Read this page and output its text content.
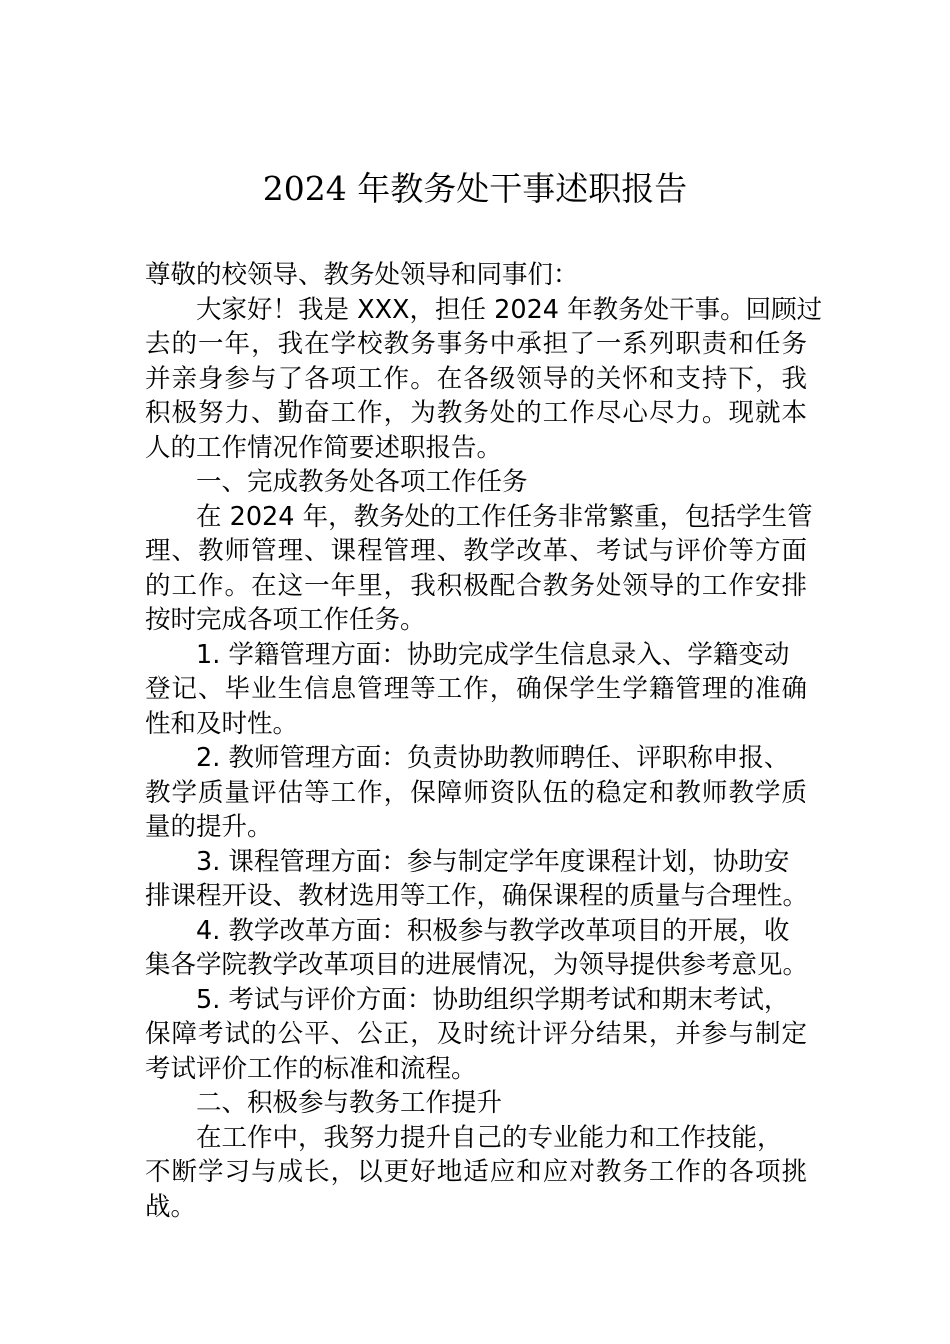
2024 年教务处干事述职报告
尊敬的校领导、教务处领导和同事们：
大家好！我是 XXX，担任 2024 年教务处干事。回顾过
去的一年，我在学校教务事务中承担了一系列职责和任务
并亲身参与了各项工作。在各级领导的关怀和支持下，我
积极努力、勤奋工作，为教务处的工作尽心尽力。现就本
人的工作情况作简要述职报告。
一、完成教务处各项工作任务
在 2024 年，教务处的工作任务非常繁重，包括学生管
理、教师管理、课程管理、教学改革、考试与评价等方面
的工作。在这一年里，我积极配合教务处领导的工作安排
按时完成各项工作任务。
1. 学籍管理方面：协助完成学生信息录入、学籍变动
登记、毕业生信息管理等工作，确保学生学籍管理的准确
性和及时性。
2. 教师管理方面：负责协助教师聘任、评职称申报、
教学质量评估等工作，保障师资队伍的稳定和教师教学质
量的提升。
3. 课程管理方面：参与制定学年度课程计划，协助安
排课程开设、教材选用等工作，确保课程的质量与合理性。
4. 教学改革方面：积极参与教学改革项目的开展，收
集各学院教学改革项目的进展情况，为领导提供参考意见。
5. 考试与评价方面：协助组织学期考试和期末考试，
保障考试的公平、公正，及时统计评分结果，并参与制定
考试评价工作的标准和流程。
二、积极参与教务工作提升
在工作中，我努力提升自己的专业能力和工作技能，
不断学习与成长，以更好地适应和应对教务工作的各项挑
战。
